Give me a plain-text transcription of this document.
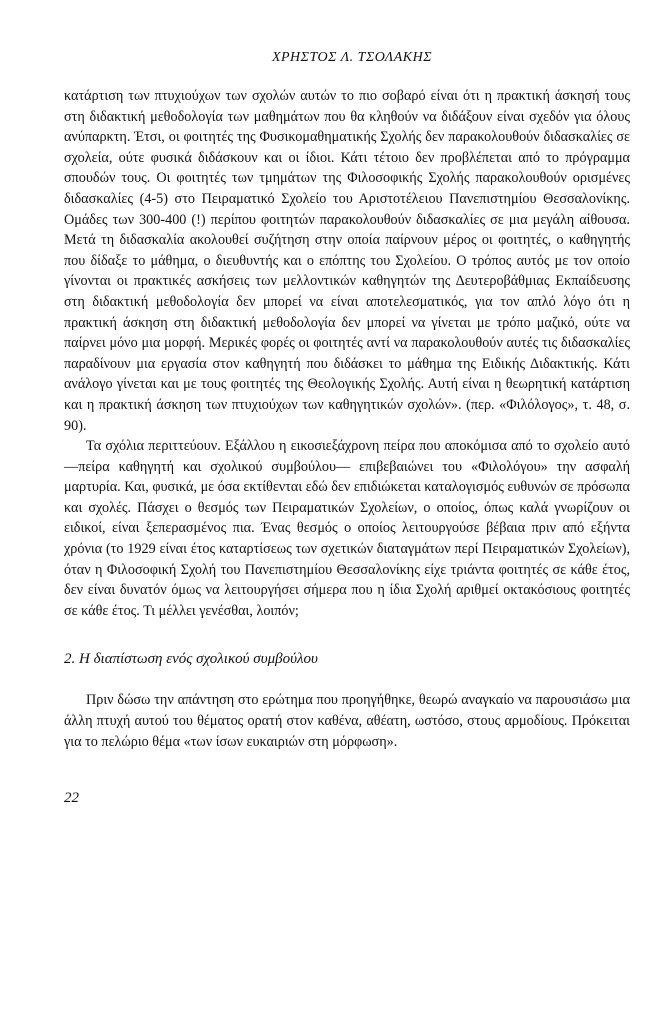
ΧΡΗΣΤΟΣ Λ. ΤΣΟΛΑΚΗΣ

κατάρτιση των πτυχιούχων των σχολών αυτών το πιο σοβαρό είναι ότι η πρακτική άσκησή τους στη διδακτική μεθοδολογία των μαθημάτων που θα κληθούν να διδάξουν είναι σχεδόν για όλους ανύπαρκτη. Έτσι, οι φοιτητές της Φυσικομαθηματικής Σχολής δεν παρακολουθούν διδασκαλίες σε σχολεία, ούτε φυσικά διδάσκουν και οι ίδιοι. Κάτι τέτοιο δεν προβλέπεται από το πρόγραμμα σπουδών τους. Οι φοιτητές των τμημάτων της Φιλοσοφικής Σχολής παρακολουθούν ορισμένες διδασκαλίες (4-5) στο Πειραματικό Σχολείο του Αριστοτέλειου Πανεπιστημίου Θεσσαλονίκης. Ομάδες των 300-400 (!) περίπου φοιτητών παρακολουθούν διδασκαλίες σε μια μεγάλη αίθουσα. Μετά τη διδασκαλία ακολουθεί συζήτηση στην οποία παίρνουν μέρος οι φοιτητές, ο καθηγητής που δίδαξε το μάθημα, ο διευθυντής και ο επόπτης του Σχολείου. Ο τρόπος αυτός με τον οποίο γίνονται οι πρακτικές ασκήσεις των μελλοντικών καθηγητών της Δευτεροβάθμιας Εκπαίδευσης στη διδακτική μεθοδολογία δεν μπορεί να είναι αποτελεσματικός, για τον απλό λόγο ότι η πρακτική άσκηση στη διδακτική μεθοδολογία δεν μπορεί να γίνεται με τρόπο μαζικό, ούτε να παίρνει μόνο μια μορφή. Μερικές φορές οι φοιτητές αντί να παρακολουθούν αυτές τις διδασκαλίες παραδίνουν μια εργασία στον καθηγητή που διδάσκει το μάθημα της Ειδικής Διδακτικής. Κάτι ανάλογο γίνεται και με τους φοιτητές της Θεολογικής Σχολής. Αυτή είναι η θεωρητική κατάρτιση και η πρακτική άσκηση των πτυχιούχων των καθηγητικών σχολών». (περ. «Φιλόλογος», τ. 48, σ. 90).

Τα σχόλια περιττεύουν. Εξάλλου η εικοσιεξάχρονη πείρα που αποκόμισα από το σχολείο αυτό —πείρα καθηγητή και σχολικού συμβούλου— επιβεβαιώνει του «Φιλολόγου» την ασφαλή μαρτυρία. Και, φυσικά, με όσα εκτίθενται εδώ δεν επιδιώκεται καταλογισμός ευθυνών σε πρόσωπα και σχολές. Πάσχει ο θεσμός των Πειραματικών Σχολείων, ο οποίος, όπως καλά γνωρίζουν οι ειδικοί, είναι ξεπερασμένος πια. Ένας θεσμός ο οποίος λειτουργούσε βέβαια πριν από εξήντα χρόνια (το 1929 είναι έτος καταρτίσεως των σχετικών διαταγμάτων περί Πειραματικών Σχολείων), όταν η Φιλοσοφική Σχολή του Πανεπιστημίου Θεσσαλονίκης είχε τριάντα φοιτητές σε κάθε έτος, δεν είναι δυνατόν όμως να λειτουργήσει σήμερα που η ίδια Σχολή αριθμεί οκτακόσιους φοιτητές σε κάθε έτος. Τι μέλλει γενέσθαι, λοιπόν;

2. Η διαπίστωση ενός σχολικού συμβούλου

Πριν δώσω την απάντηση στο ερώτημα που προηγήθηκε, θεωρώ αναγκαίο να παρουσιάσω μια άλλη πτυχή αυτού του θέματος ορατή στον καθένα, αθέατη, ωστόσο, στους αρμοδίους. Πρόκειται για το πελώριο θέμα «των ίσων ευκαιριών στη μόρφωση».

22
